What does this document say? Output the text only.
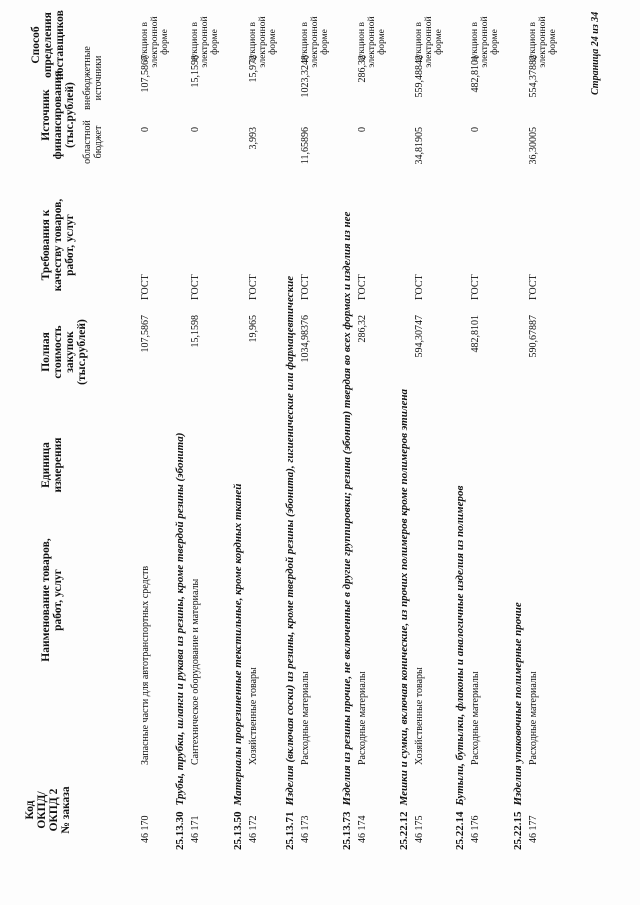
Код
ОКПД/
ОКПД 2
№ заказа
Наименование товаров,
работ, услуг
Единица
измерения
Полная
стоимость
закупок
(тыс.рублей)
Требования к
качеству товаров,
работ, услуг
Источник
финансирования
(тыс.рублей) областной
бюджет
внебюджетные
источники
Способ
определения
поставщиков
46 170
Запасные части для автотранспортных средств
107,5867
ГОСТ
0
107,5867
аукцион в
электронной
форме
25.13.30Трубы, трубки, шланги и рукава из резины, кроме твердой резины (эбонита)
46 171
Сантехническое оборудование и материалы
15,1598
ГОСТ
0
15,1598
аукцион в
электронной
форме
25.13.50Материалы прорезиненные текстильные, кроме кордных тканей
46 172
Хозяйственные товары
19,965
ГОСТ
3,993
15,972
аукцион в
электронной
форме
25.13.71Изделия (включая соски) из резины, кроме твердой резины (эбонита), гигиенические или фармацевтические
46 173
Расходные материалы
1034,98376
ГОСТ
11,65896
1023,3248
аукцион в
электронной
форме
25.13.73Изделия из резины прочие, не включенные в другие группировки; резина (эбонит) твердая во всех формах и изделия из нее
46 174
Расходные материалы
286,32
ГОСТ
0
286,32
аукцион в
электронной
форме
25.22.12Мешки и сумки, включая конические, из прочих полимеров кроме полимеров этилена
46 175
Хозяйственные товары
594,30747
ГОСТ
34,81905
559,48842
аукцион в
электронной
форме
25.22.14Бутыли, бутылки, флаконы и аналогичные изделия из полимеров
46 176
Расходные материалы
482,8101
ГОСТ
0
482,8101
аукцион в
электронной
форме
25.22.15Изделия упаковочные полимерные прочие
46 177
Расходные материалы
590,67887
ГОСТ
36,30005
554,37882
аукцион в
электронной
форме	Страница 24 из 34
